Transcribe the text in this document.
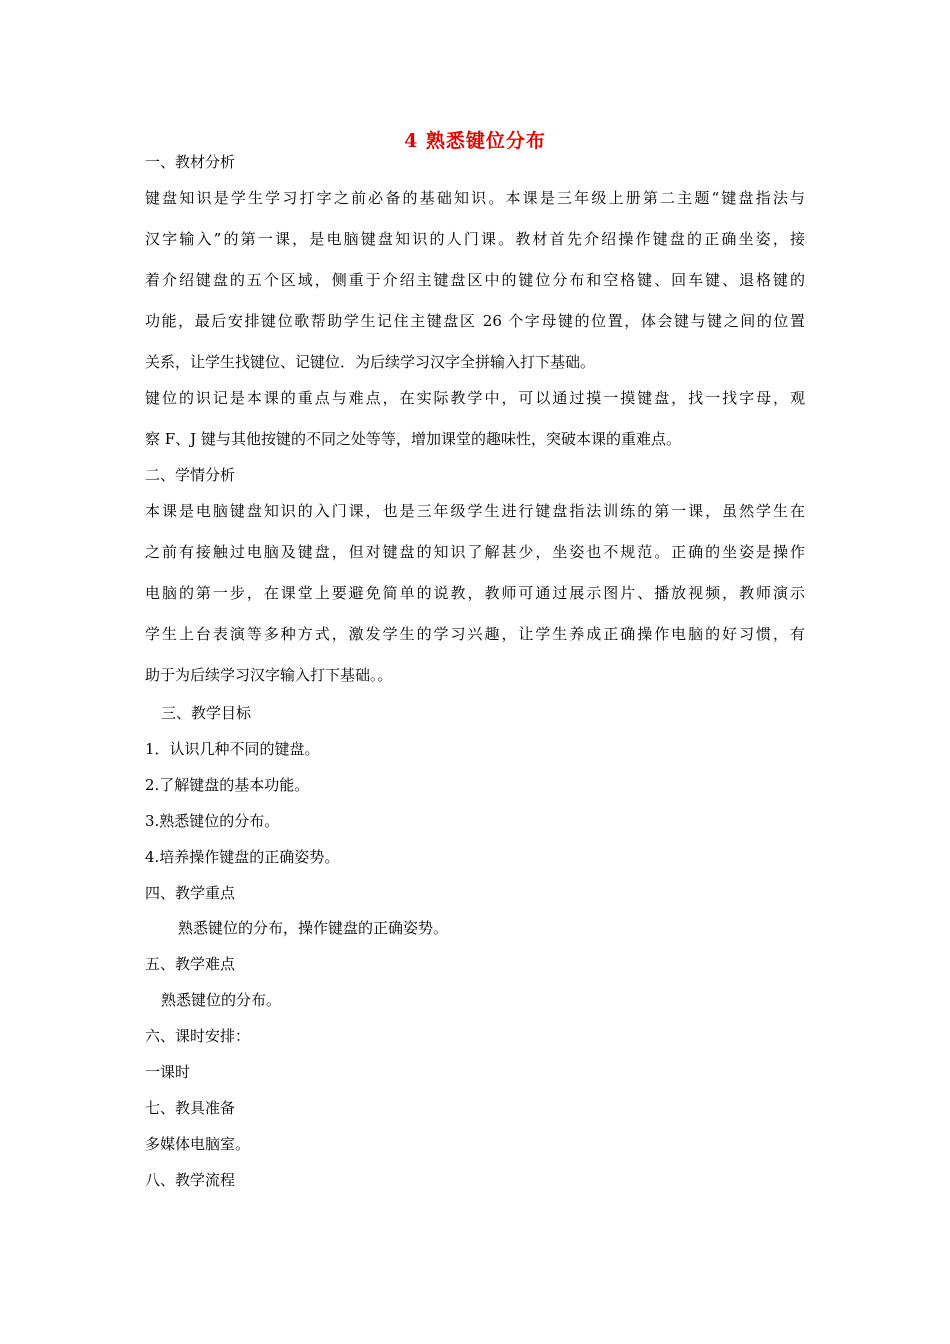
4 熟悉键位分布
一、教材分析
键盘知识是学生学习打字之前必备的基础知识。本课是三年级上册第二主题“键盘指法与
汉字输入”的第一课，是电脑键盘知识的人门课。教材首先介绍操作键盘的正确坐姿，接
着介绍键盘的五个区域，侧重于介绍主键盘区中的键位分布和空格键、回车键、退格键的
功能，最后安排键位歌帮助学生记住主键盘区 26 个字母键的位置，体会键与键之间的位置
关系，让学生找键位、记键位．为后续学习汉字全拼输入打下基础。
键位的识记是本课的重点与难点，在实际教学中，可以通过摸一摸键盘，找一找字母，观
察 F、J 键与其他按键的不同之处等等，增加课堂的趣味性，突破本课的重难点。
二、学情分析
本课是电脑键盘知识的入门课，也是三年级学生进行键盘指法训练的第一课，虽然学生在
之前有接触过电脑及键盘，但对键盘的知识了解甚少，坐姿也不规范。正确的坐姿是操作
电脑的第一步，在课堂上要避免简单的说教，教师可通过展示图片、播放视频，教师演示
学生上台表演等多种方式，激发学生的学习兴趣，让学生养成正确操作电脑的好习惯，有
助于为后续学习汉字输入打下基础。。
三、教学目标
1．认识几种不同的键盘。
2.了解键盘的基本功能。
3.熟悉键位的分布。
4.培养操作键盘的正确姿势。
四、教学重点
熟悉键位的分布，操作键盘的正确姿势。
五、教学难点
熟悉键位的分布。
六、课时安排：
一课时
七、教具准备
多媒体电脑室。
八、教学流程
